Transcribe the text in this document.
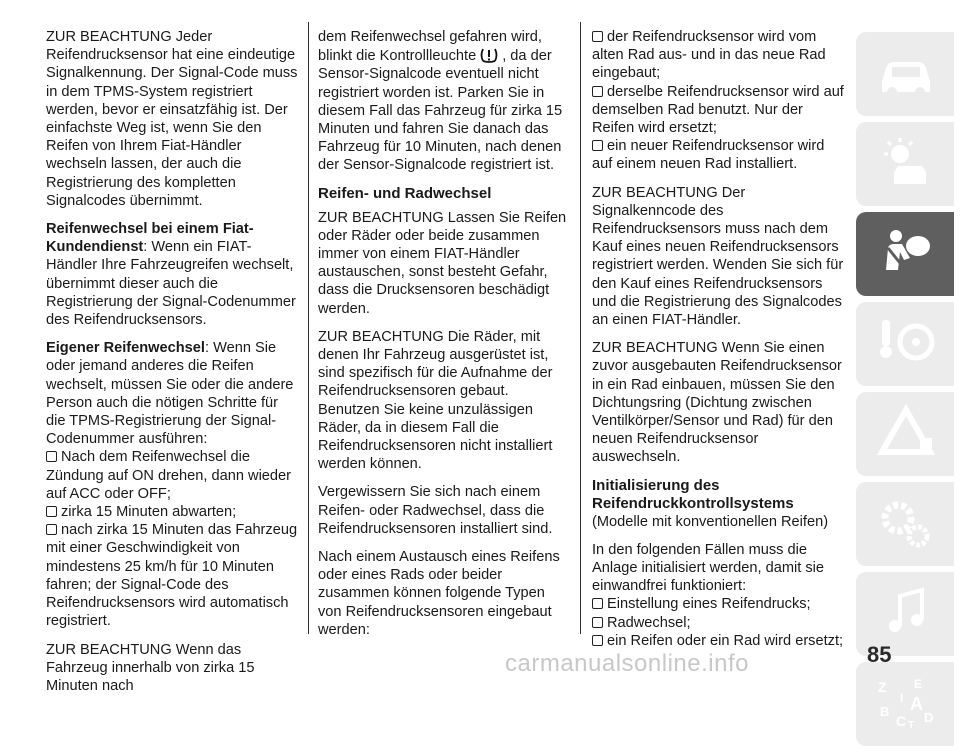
ZUR BEACHTUNG Jeder Reifendrucksensor hat eine eindeutige Signalkennung. Der Signal-Code muss in dem TPMS-System registriert werden, bevor er einsatzfähig ist. Der einfachste Weg ist, wenn Sie den Reifen von Ihrem Fiat-Händler wechseln lassen, der auch die Registrierung des kompletten Signalcodes übernimmt.

Reifenwechsel bei einem Fiat-Kundendienst: Wenn ein FIAT-Händler Ihre Fahrzeugreifen wechselt, übernimmt dieser auch die Registrierung der Signal-Codenummer des Reifendrucksensors.

Eigener Reifenwechsel: Wenn Sie oder jemand anderes die Reifen wechselt, müssen Sie oder die andere Person auch die nötigen Schritte für die TPMS-Registrierung der Signal-Codenummer ausführen:

Nach dem Reifenwechsel die Zündung auf ON drehen, dann wieder auf ACC oder OFF;

zirka 15 Minuten abwarten;

nach zirka 15 Minuten das Fahrzeug mit einer Geschwindigkeit von mindestens 25 km/h für 10 Minuten fahren; der Signal-Code des Reifendrucksensors wird automatisch registriert.

ZUR BEACHTUNG Wenn das Fahrzeug innerhalb von zirka 15 Minuten nach

dem Reifenwechsel gefahren wird, blinkt die Kontrollleuchte , da der Sensor-Signalcode eventuell nicht registriert worden ist. Parken Sie in diesem Fall das Fahrzeug für zirka 15 Minuten und fahren Sie danach das Fahrzeug für 10 Minuten, nach denen der Sensor-Signalcode registriert ist.

Reifen- und Radwechsel

ZUR BEACHTUNG Lassen Sie Reifen oder Räder oder beide zusammen immer von einem FIAT-Händler austauschen, sonst besteht Gefahr, dass die Drucksensoren beschädigt werden.

ZUR BEACHTUNG Die Räder, mit denen Ihr Fahrzeug ausgerüstet ist, sind spezifisch für die Aufnahme der Reifendrucksensoren gebaut. Benutzen Sie keine unzulässigen Räder, da in diesem Fall die Reifendrucksensoren nicht installiert werden können.

Vergewissern Sie sich nach einem Reifen- oder Radwechsel, dass die Reifendrucksensoren installiert sind.

Nach einem Austausch eines Reifens oder eines Rads oder beider zusammen können folgende Typen von Reifendrucksensoren eingebaut werden:

der Reifendrucksensor wird vom alten Rad aus- und in das neue Rad eingebaut;

derselbe Reifendrucksensor wird auf demselben Rad benutzt. Nur der Reifen wird ersetzt;

ein neuer Reifendrucksensor wird auf einem neuen Rad installiert.

ZUR BEACHTUNG Der Signalkenncode des Reifendrucksensors muss nach dem Kauf eines neuen Reifendrucksensors registriert werden. Wenden Sie sich für den Kauf eines Reifendrucksensors und die Registrierung des Signalcodes an einen FIAT-Händler.

ZUR BEACHTUNG Wenn Sie einen zuvor ausgebauten Reifendrucksensor in ein Rad einbauen, müssen Sie den Dichtungsring (Dichtung zwischen Ventilkörper/Sensor und Rad) für den neuen Reifendrucksensor auswechseln.

Initialisierung des Reifendruckkontrollsystems

(Modelle mit konventionellen Reifen)

In den folgenden Fällen muss die Anlage initialisiert werden, damit sie einwandfrei funktioniert:

Einstellung eines Reifendrucks;

Radwechsel;

ein Reifen oder ein Rad wird ersetzt;

Z E
I A
B
C T
D
85
carmanualsonline.info
